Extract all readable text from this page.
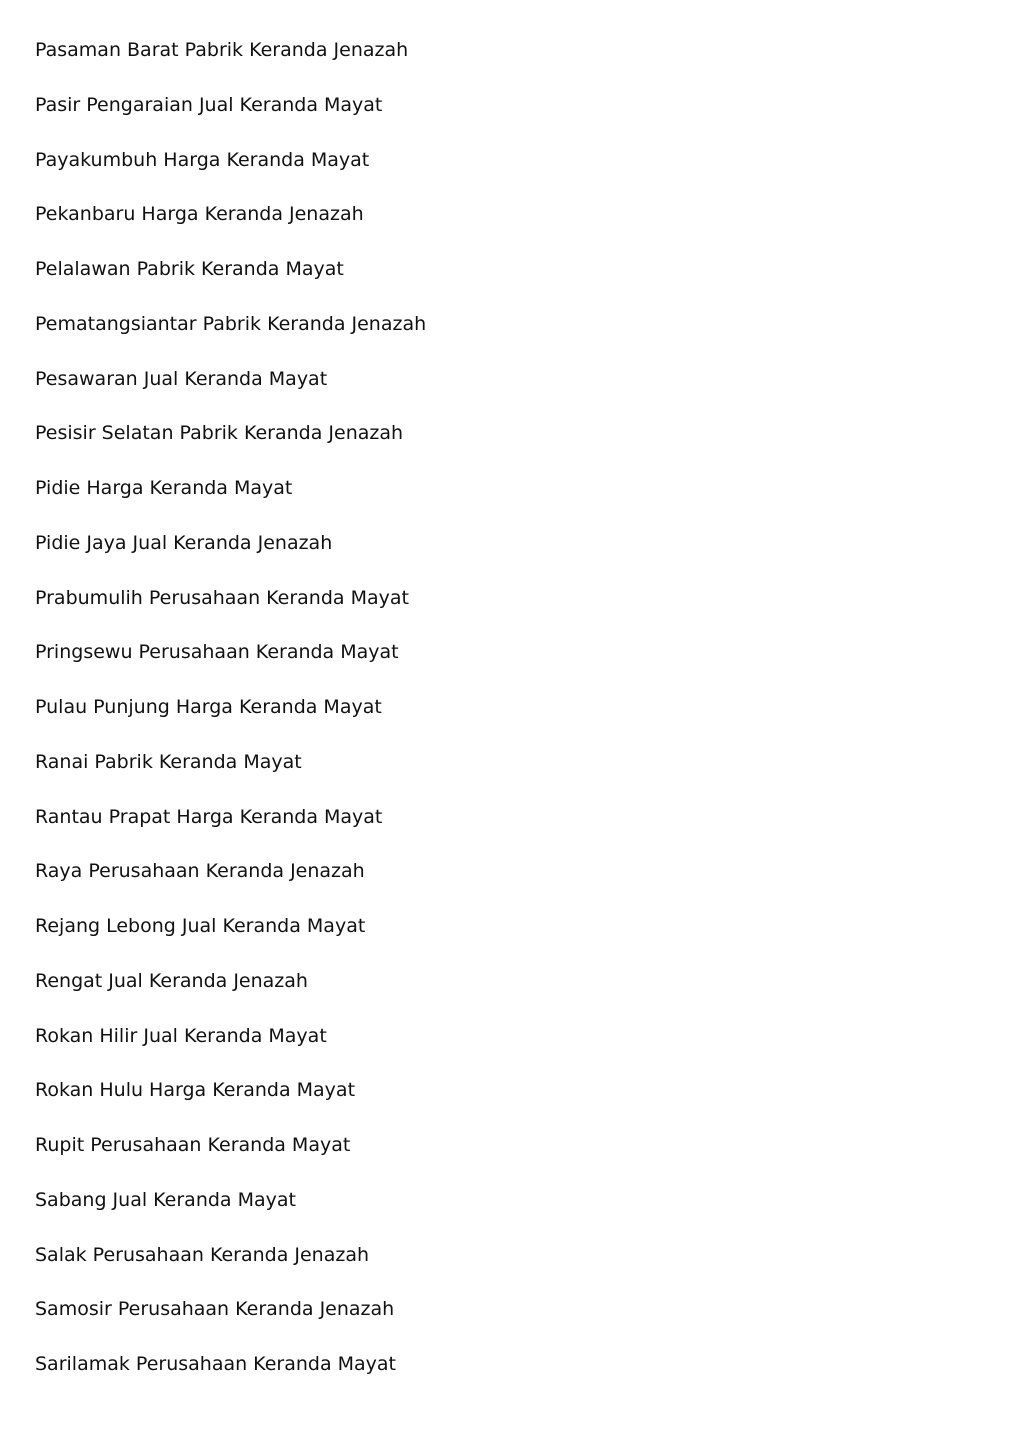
Pasaman Barat Pabrik Keranda Jenazah
Pasir Pengaraian Jual Keranda Mayat
Payakumbuh Harga Keranda Mayat
Pekanbaru Harga Keranda Jenazah
Pelalawan Pabrik Keranda Mayat
Pematangsiantar Pabrik Keranda Jenazah
Pesawaran Jual Keranda Mayat
Pesisir Selatan Pabrik Keranda Jenazah
Pidie Harga Keranda Mayat
Pidie Jaya Jual Keranda Jenazah
Prabumulih Perusahaan Keranda Mayat
Pringsewu Perusahaan Keranda Mayat
Pulau Punjung Harga Keranda Mayat
Ranai Pabrik Keranda Mayat
Rantau Prapat Harga Keranda Mayat
Raya Perusahaan Keranda Jenazah
Rejang Lebong Jual Keranda Mayat
Rengat Jual Keranda Jenazah
Rokan Hilir Jual Keranda Mayat
Rokan Hulu Harga Keranda Mayat
Rupit Perusahaan Keranda Mayat
Sabang Jual Keranda Mayat
Salak Perusahaan Keranda Jenazah
Samosir Perusahaan Keranda Jenazah
Sarilamak Perusahaan Keranda Mayat
